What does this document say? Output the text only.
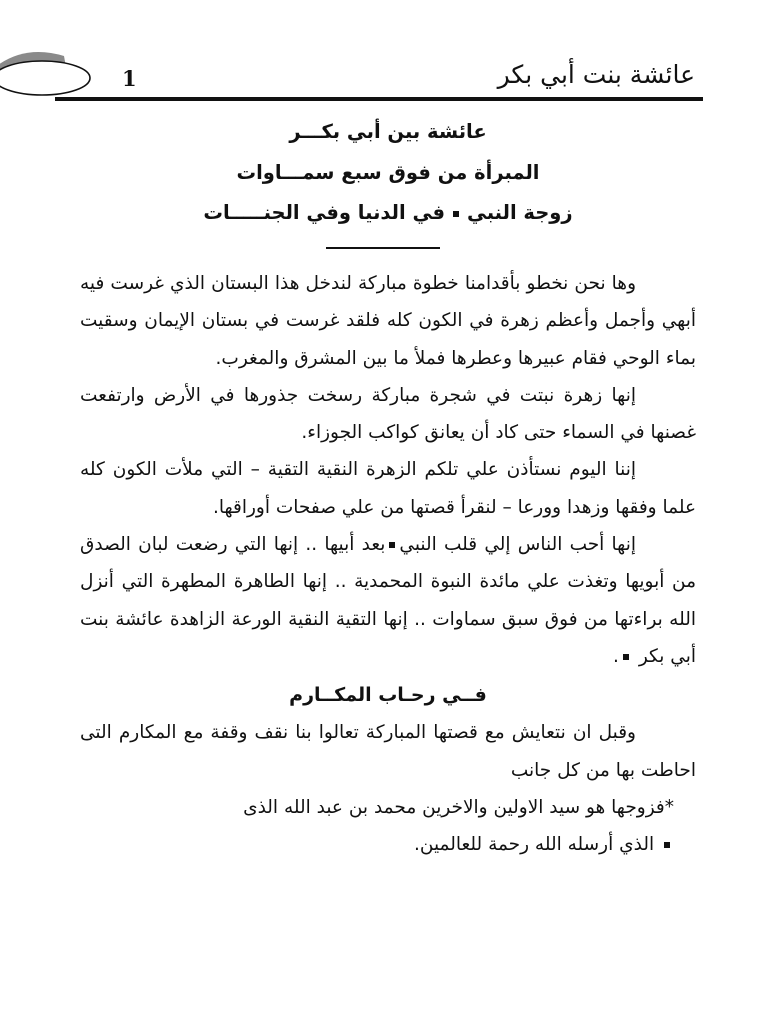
1	عائشة بنت أبي بكر
عائشة بين أبي بكـــر
المبرأة من فوق سبع سمـــاوات
زوجة النبيفي الدنيا وفي الجنـــــات

وها نحن نخطو بأقدامنا خطوة مباركة لندخل هذا البستان الذي غرست فيه أبهي وأجمل وأعظم زهرة في الكون كله فلقد غرست في بستان الإيمان وسقيت بماء الوحي فقام عبيرها وعطرها فملأ ما بين المشرق والمغرب.

إنها زهرة نبتت في شجرة مباركة رسخت جذورها في الأرض وارتفعت غصنها في السماء حتى كاد أن يعانق كواكب الجوزاء.

إننا اليوم نستأذن علي تلكم الزهرة النقية التقية – التي ملأت الكون كله علما وفقها وزهدا وورعا – لنقرأ قصتها من علي صفحات أوراقها.

إنها أحب الناس إلي قلب النبيبعد أبيها .. إنها التي رضعت لبان الصدق من أبويها وتغذت علي مائدة النبوة المحمدية .. إنها الطاهرة المطهرة التي أنزل الله براءتها من فوق سبق سماوات .. إنها التقية النقية الورعة الزاهدة عائشة بنت أبي بكر .

فــي رحـاب المكــارم

وقبل ان نتعايش مع قصتها المباركة تعالوا بنا نقف وقفة مع المكارم التى احاطت بها من كل جانب

*فزوجها هو سيد الاولين والاخرين محمد بن عبد الله الذى

الذي أرسله الله رحمة للعالمين.
